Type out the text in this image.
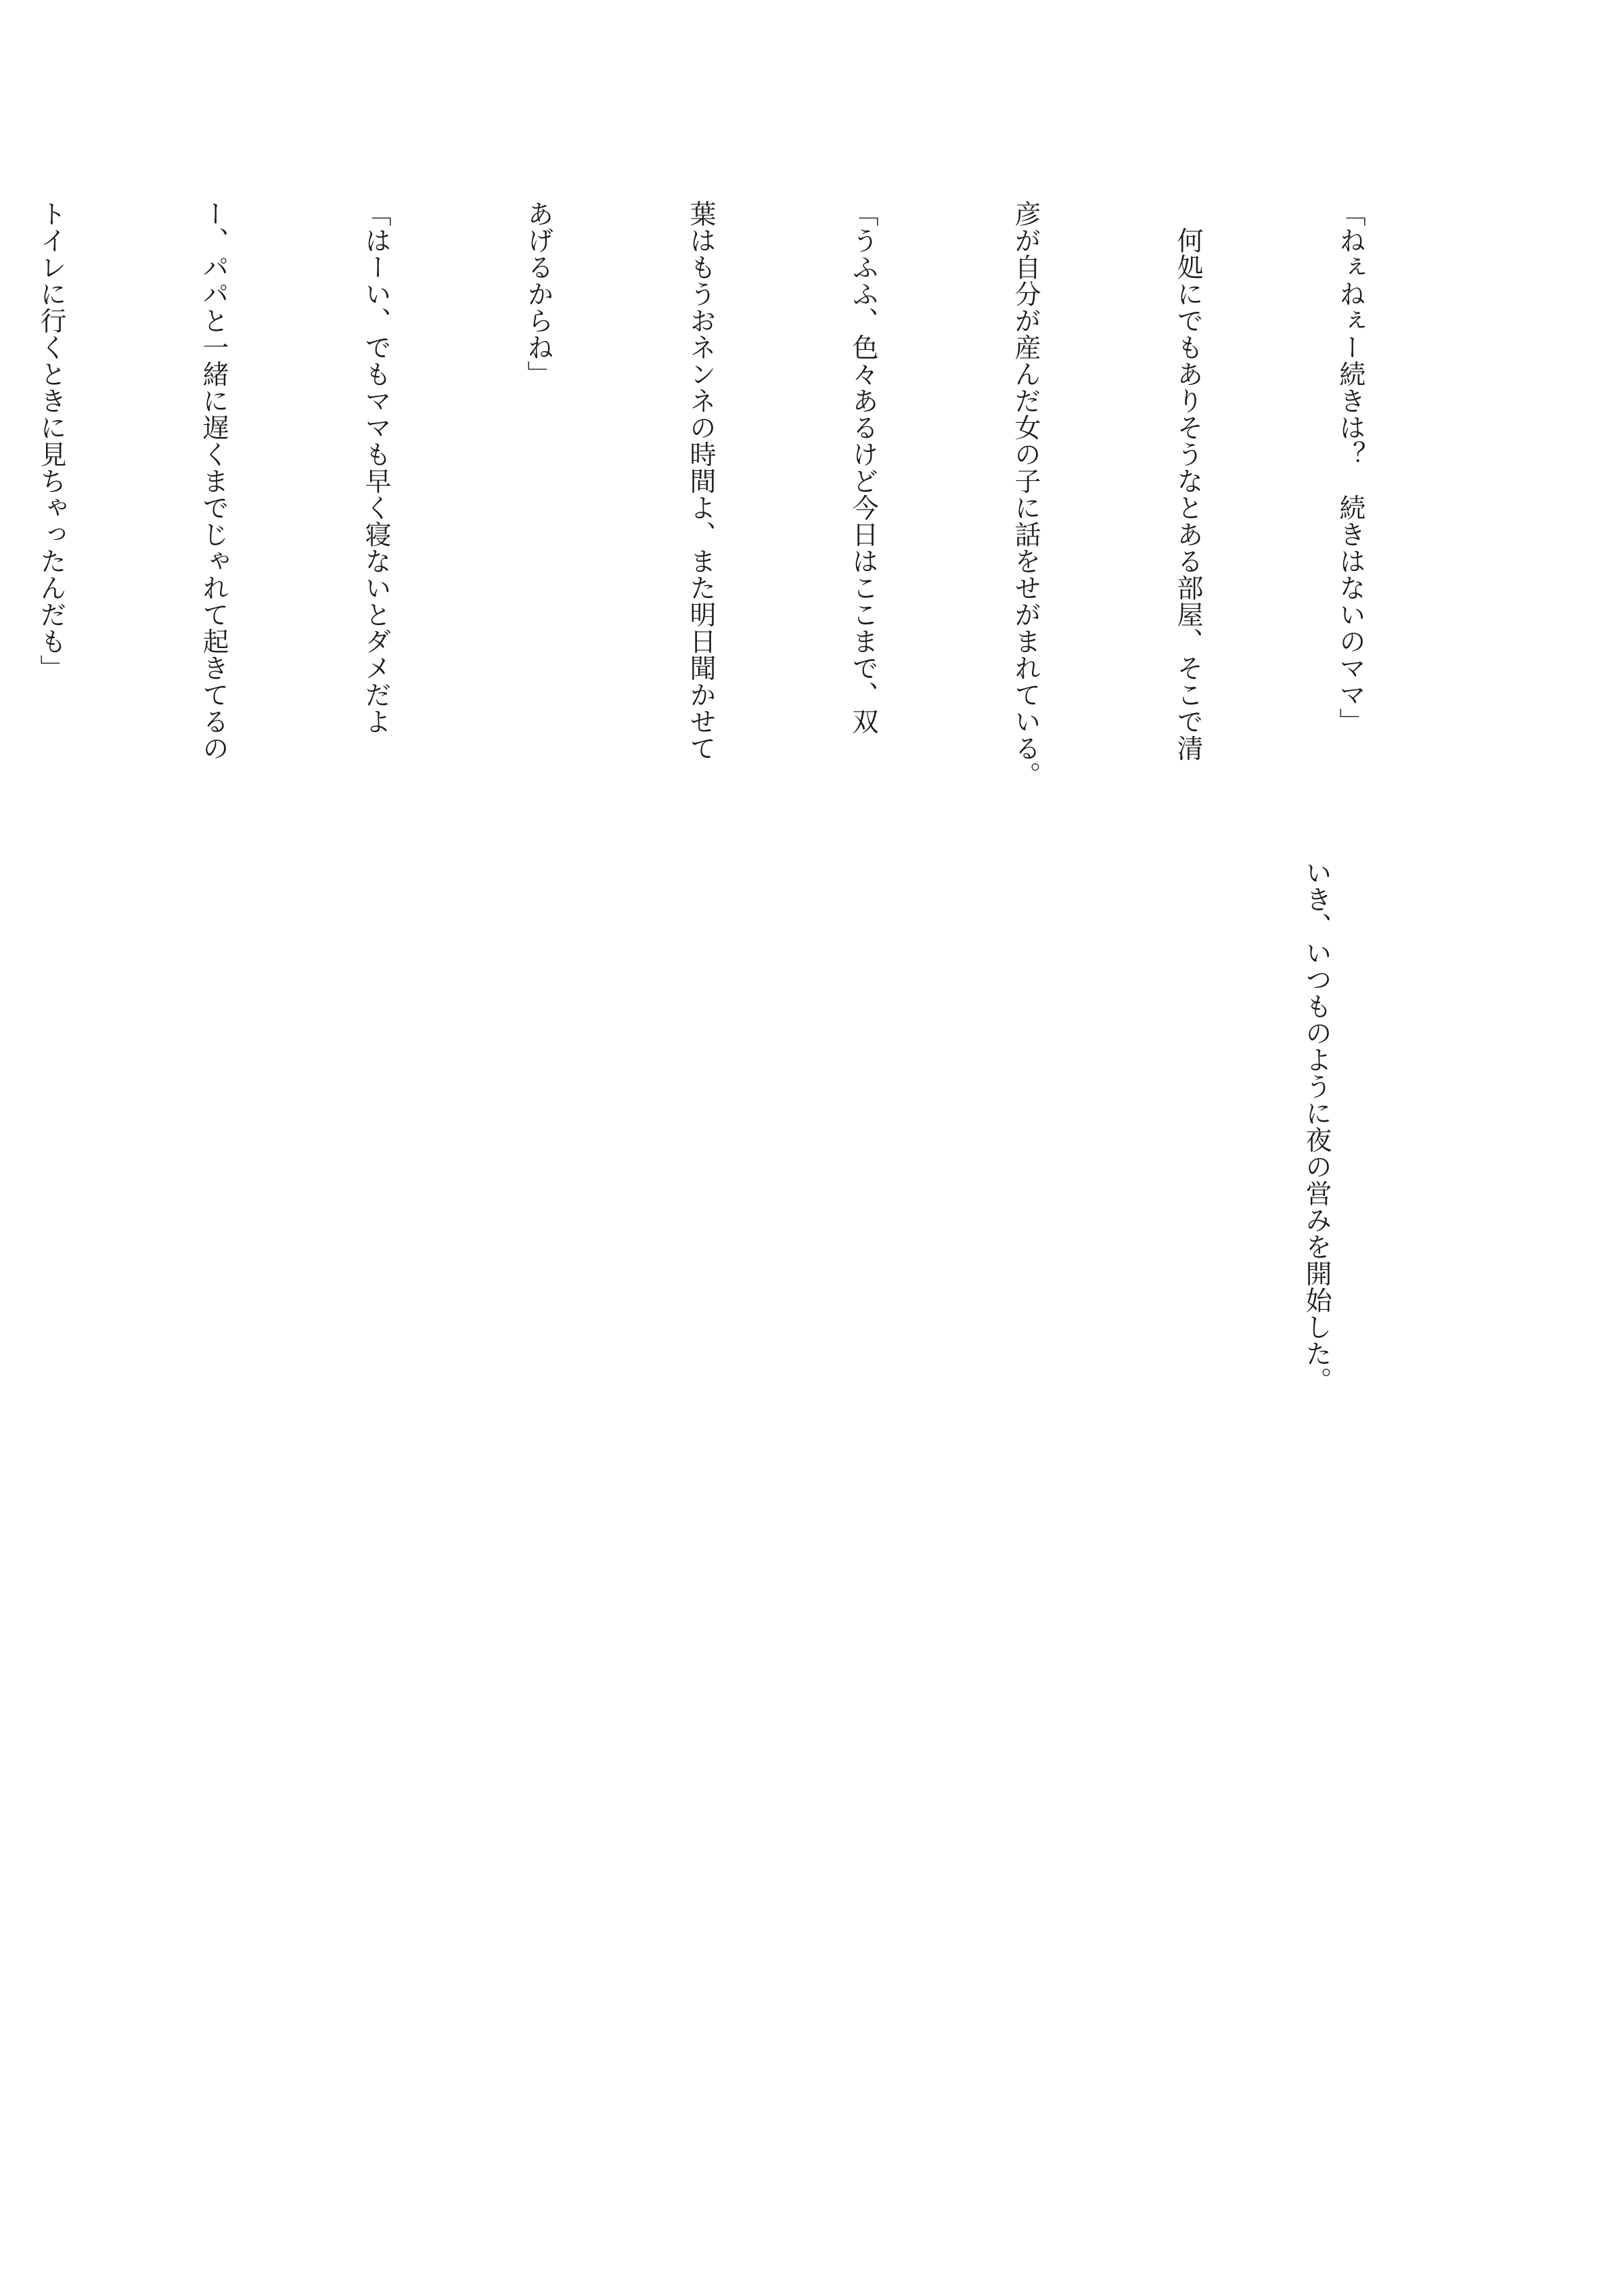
「ねぇねぇー続きは？　続きはないのママ」

　何処にでもありそうなとある部屋、そこで清

彦が自分が産んだ女の子に話をせがまれている。

「うふふ、色々あるけど今日はここまで、双

葉はもうおネンネの時間よ、また明日聞かせて

あげるからね」

「はーい、でもママも早く寝ないとダメだよ

ー、パパと一緒に遅くまでじゃれて起きてるの

トイレに行くときに見ちゃったんだも」

いき、いつものように夜の営みを開始した。
